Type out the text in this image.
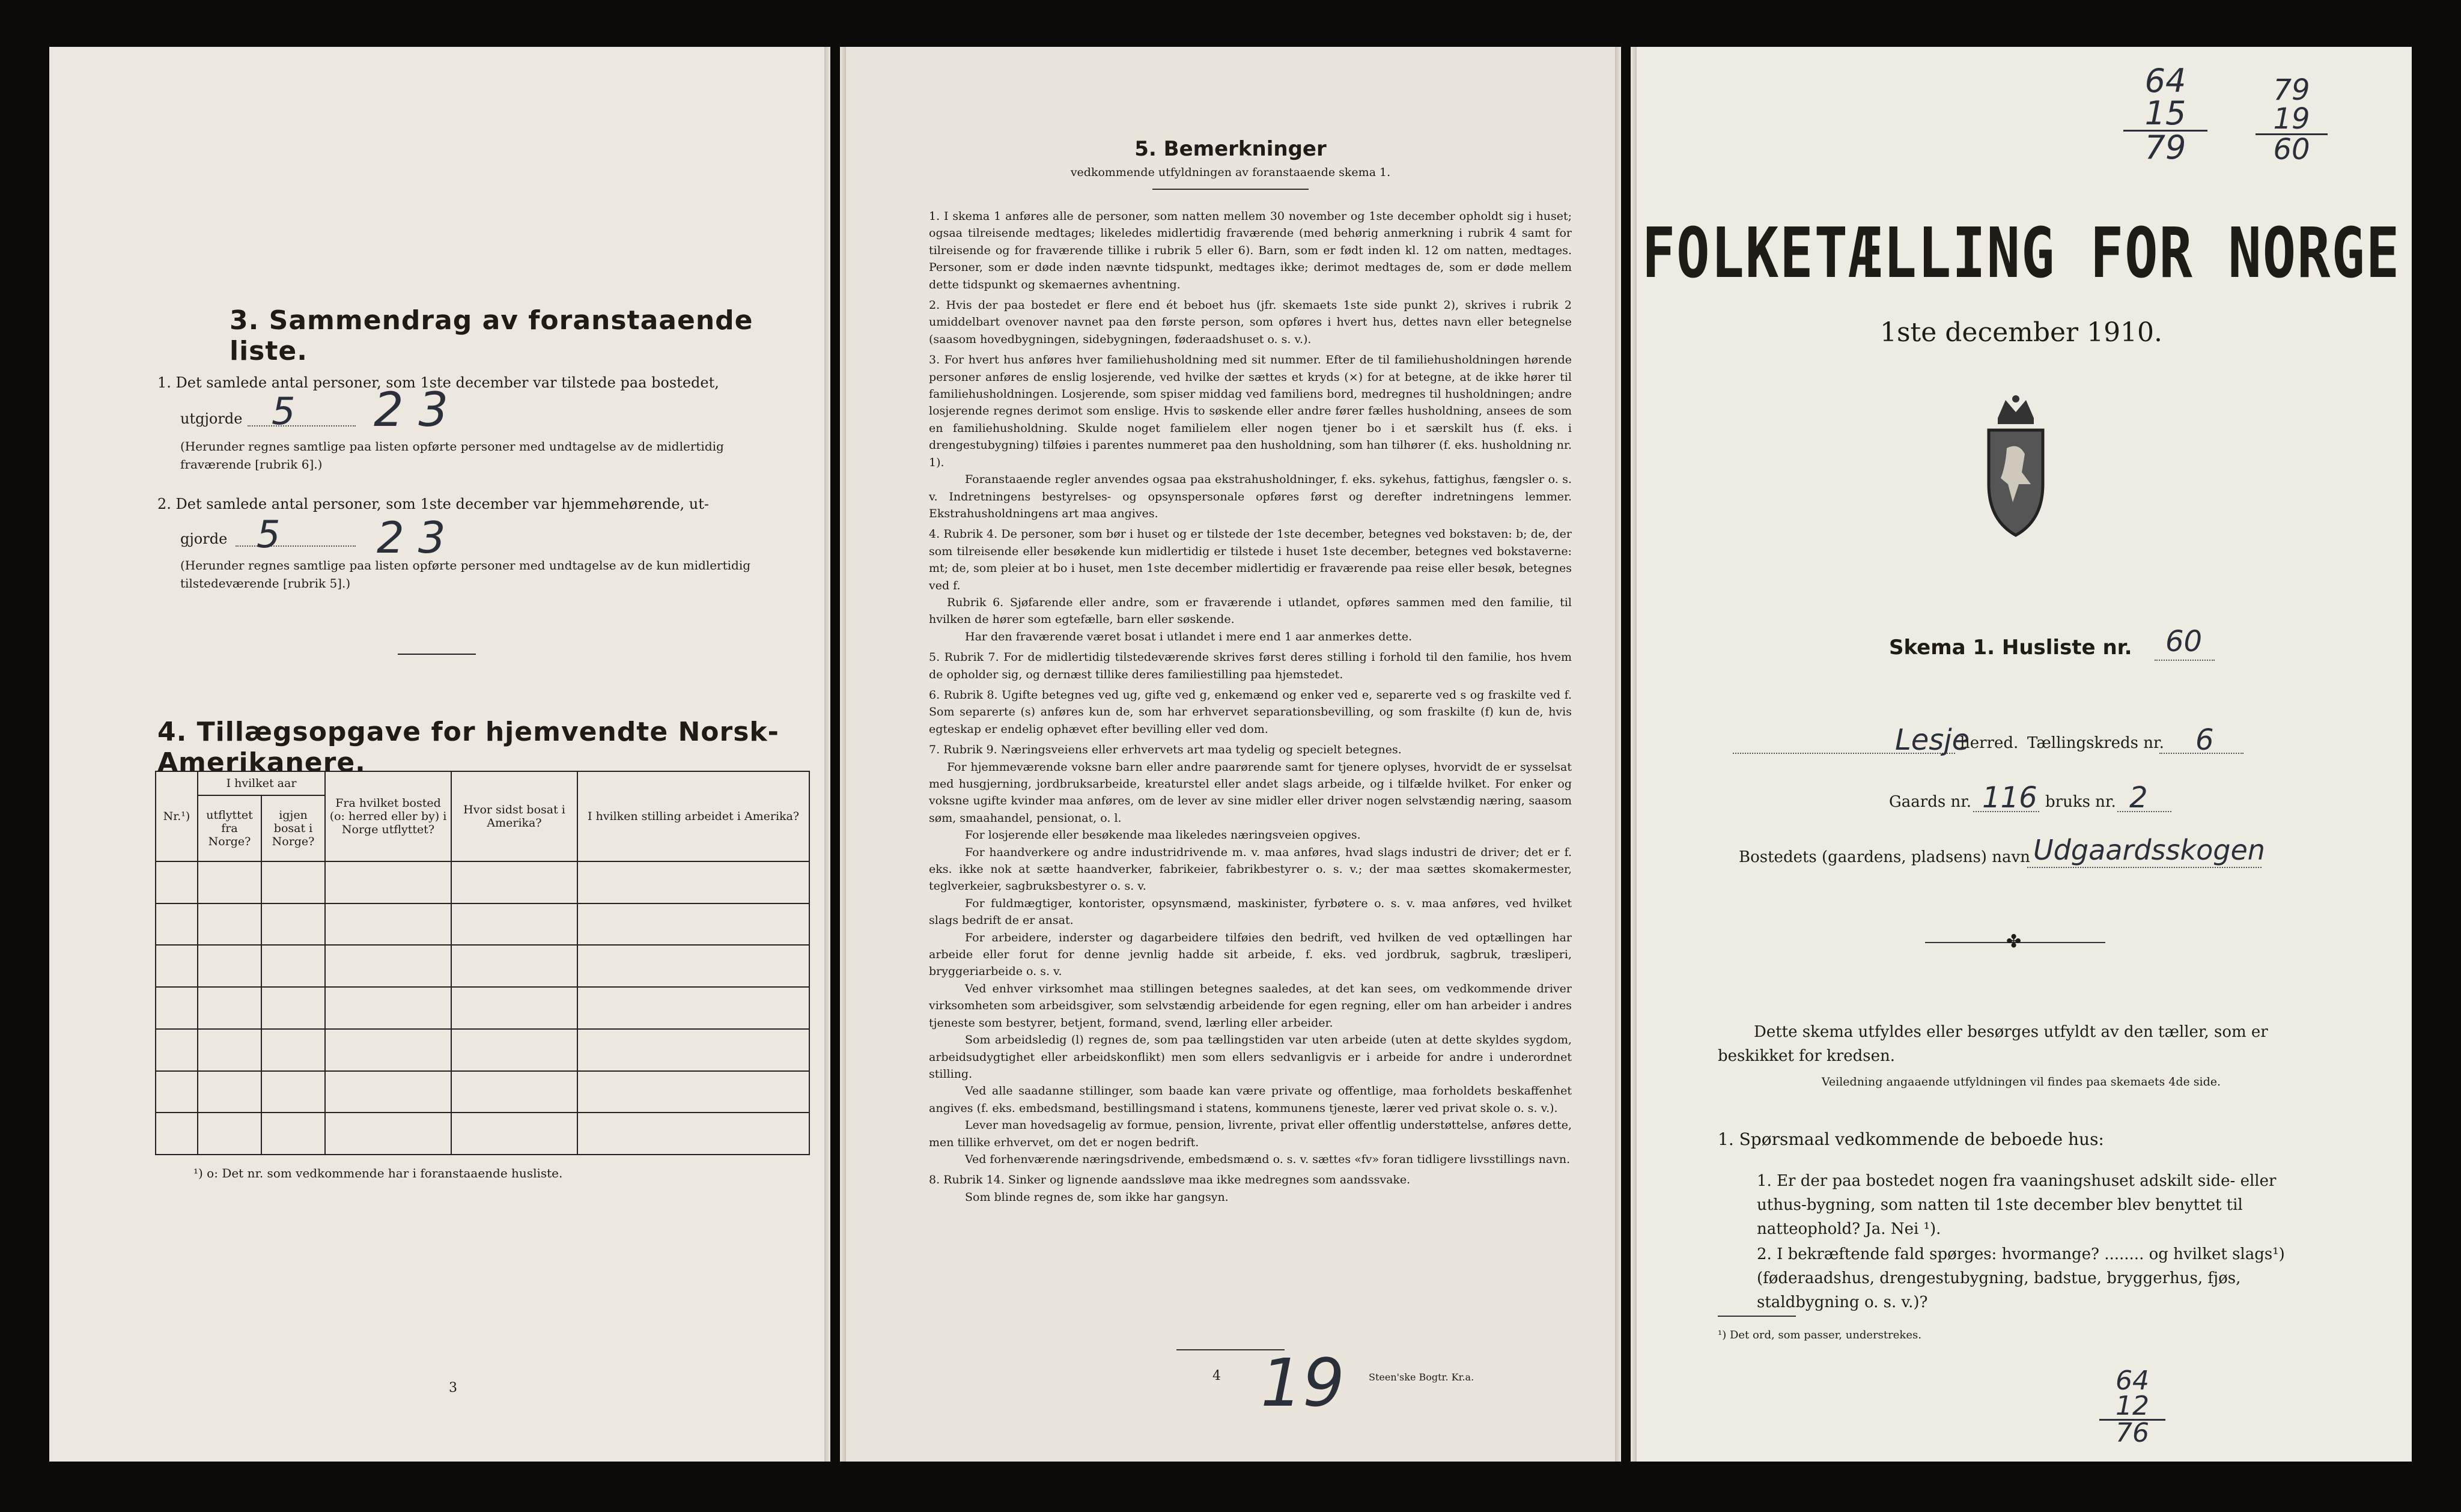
3. Sammendrag av foranstaaende liste.
1. Det samlede antal personer, som 1ste december var tilstede paa bostedet,
utgjorde 5 2 3
(Herunder regnes samtlige paa listen opførte personer med undtagelse av de midlertidig fraværende [rubrik 6].)
2. Det samlede antal personer, som 1ste december var hjemmehørende, ut-
gjorde 5 2 3
(Herunder regnes samtlige paa listen opførte personer med undtagelse av de kun midlertidig tilstedeværende [rubrik 5].)
4. Tillægsopgave for hjemvendte Norsk-Amerikanere.
Nr.¹)	I hvilket aar		Fra hvilket bosted (o: herred eller by) i Norge utflyttet?	Hvor sidst bosat i Amerika?	I hvilken stilling arbeidet i Amerika?
	utflyttet fra Norge?	igjen bosat i Norge?			

¹) o: Det nr. som vedkommende har i foranstaaende husliste.
3
5. Bemerkninger
vedkommende utfyldningen av foranstaaende skema 1.

1. I skema 1 anføres alle de personer, som natten mellem 30 november og 1ste december opholdt sig i huset; ogsaa tilreisende medtages; likeledes midlertidig fraværende (med behørig anmerkning i rubrik 4 samt for tilreisende og for fraværende tillike i rubrik 5 eller 6). Barn, som er født inden kl. 12 om natten, medtages. Personer, som er døde inden nævnte tidspunkt, medtages ikke; derimot medtages de, som er døde mellem dette tidspunkt og skemaernes avhentning.

2. Hvis der paa bostedet er flere end ét beboet hus (jfr. skemaets 1ste side punkt 2), skrives i rubrik 2 umiddelbart ovenover navnet paa den første person, som opføres i hvert hus, dettes navn eller betegnelse (saasom hovedbygningen, sidebygningen, føderaadshuset o. s. v.).

3. For hvert hus anføres hver familiehusholdning med sit nummer. Efter de til familiehusholdningen hørende personer anføres de enslig losjerende, ved hvilke der sættes et kryds (×) for at betegne, at de ikke hører til familiehusholdningen. Losjerende, som spiser middag ved familiens bord, medregnes til husholdningen; andre losjerende regnes derimot som enslige. Hvis to søskende eller andre fører fælles husholdning, ansees de som en familiehusholdning. Skulde noget familielem eller nogen tjener bo i et særskilt hus (f. eks. i drengestubygning) tilføies i parentes nummeret paa den husholdning, som han tilhører (f. eks. husholdning nr. 1).

Foranstaaende regler anvendes ogsaa paa ekstrahusholdninger, f. eks. sykehus, fattighus, fængsler o. s. v. Indretningens bestyrelses- og opsynspersonale opføres først og derefter indretningens lemmer. Ekstrahusholdningens art maa angives.

4. Rubrik 4. De personer, som bør i huset og er tilstede der 1ste december, betegnes ved bokstaven: b; de, der som tilreisende eller besøkende kun midlertidig er tilstede i huset 1ste december, betegnes ved bokstaverne: mt; de, som pleier at bo i huset, men 1ste december midlertidig er fraværende paa reise eller besøk, betegnes ved f.

Rubrik 6. Sjøfarende eller andre, som er fraværende i utlandet, opføres sammen med den familie, til hvilken de hører som egtefælle, barn eller søskende.

Har den fraværende været bosat i utlandet i mere end 1 aar anmerkes dette.

5. Rubrik 7. For de midlertidig tilstedeværende skrives først deres stilling i forhold til den familie, hos hvem de opholder sig, og dernæst tillike deres familiestilling paa hjemstedet.

6. Rubrik 8. Ugifte betegnes ved ug, gifte ved g, enkemænd og enker ved e, separerte ved s og fraskilte ved f. Som separerte (s) anføres kun de, som har erhvervet separationsbevilling, og som fraskilte (f) kun de, hvis egteskap er endelig ophævet efter bevilling eller ved dom.

7. Rubrik 9. Næringsveiens eller erhvervets art maa tydelig og specielt betegnes.

For hjemmeværende voksne barn eller andre paarørende samt for tjenere oplyses, hvorvidt de er sysselsat med husgjerning, jordbruksarbeide, kreaturstel eller andet slags arbeide, og i tilfælde hvilket. For enker og voksne ugifte kvinder maa anføres, om de lever av sine midler eller driver nogen selvstændig næring, saasom søm, smaahandel, pensionat, o. l.

For losjerende eller besøkende maa likeledes næringsveien opgives.

For haandverkere og andre industridrivende m. v. maa anføres, hvad slags industri de driver; det er f. eks. ikke nok at sætte haandverker, fabrikeier, fabrikbestyrer o. s. v.; der maa sættes skomakermester, teglverkeier, sagbruksbestyrer o. s. v.

For fuldmægtiger, kontorister, opsynsmænd, maskinister, fyrbøtere o. s. v. maa anføres, ved hvilket slags bedrift de er ansat.

For arbeidere, inderster og dagarbeidere tilføies den bedrift, ved hvilken de ved optællingen har arbeide eller forut for denne jevnlig hadde sit arbeide, f. eks. ved jordbruk, sagbruk, træsliperi, bryggeriarbeide o. s. v.

Ved enhver virksomhet maa stillingen betegnes saaledes, at det kan sees, om vedkommende driver virksomheten som arbeidsgiver, som selvstændig arbeidende for egen regning, eller om han arbeider i andres tjeneste som bestyrer, betjent, formand, svend, lærling eller arbeider.

Som arbeidsledig (l) regnes de, som paa tællingstiden var uten arbeide (uten at dette skyldes sygdom, arbeidsudygtighet eller arbeidskonflikt) men som ellers sedvanligvis er i arbeide for andre i underordnet stilling.

Ved alle saadanne stillinger, som baade kan være private og offentlige, maa forholdets beskaffenhet angives (f. eks. embedsmand, bestillingsmand i statens, kommunens tjeneste, lærer ved privat skole o. s. v.).

Lever man hovedsagelig av formue, pension, livrente, privat eller offentlig understøttelse, anføres dette, men tillike erhvervet, om det er nogen bedrift.

Ved forhenværende næringsdrivende, embedsmænd o. s. v. sættes «fv» foran tidligere livsstillings navn.

8. Rubrik 14. Sinker og lignende aandssløve maa ikke medregnes som aandssvake.

Som blinde regnes de, som ikke har gangsyn.

4 19	Steen'ske Bogtr. Kr.a.
64
15
79
79
19
60
FOLKETÆLLING FOR NORGE
1ste december 1910.
Skema 1. Husliste nr. 60
Lesje
herred. Tællingskreds nr. 6
Gaards nr. 116 bruks nr. 2
Bostedets (gaardens, pladsens) navn Udgaardsskogen
✤
Dette skema utfyldes eller besørges utfyldt av den tæller, som er beskikket for kredsen.
Veiledning angaaende utfyldningen vil findes paa skemaets 4de side.
1. Spørsmaal vedkommende de beboede hus:
1. Er der paa bostedet nogen fra vaaningshuset adskilt side- eller uthus-bygning, som natten til 1ste december blev benyttet til natteophold? Ja. Nei ¹).
2. I bekræftende fald spørges: hvormange? ........ og hvilket slags¹) (føderaadshus, drengestubygning, badstue, bryggerhus, fjøs, staldbygning o. s. v.)?
¹) Det ord, som passer, understrekes.
64
12
76
